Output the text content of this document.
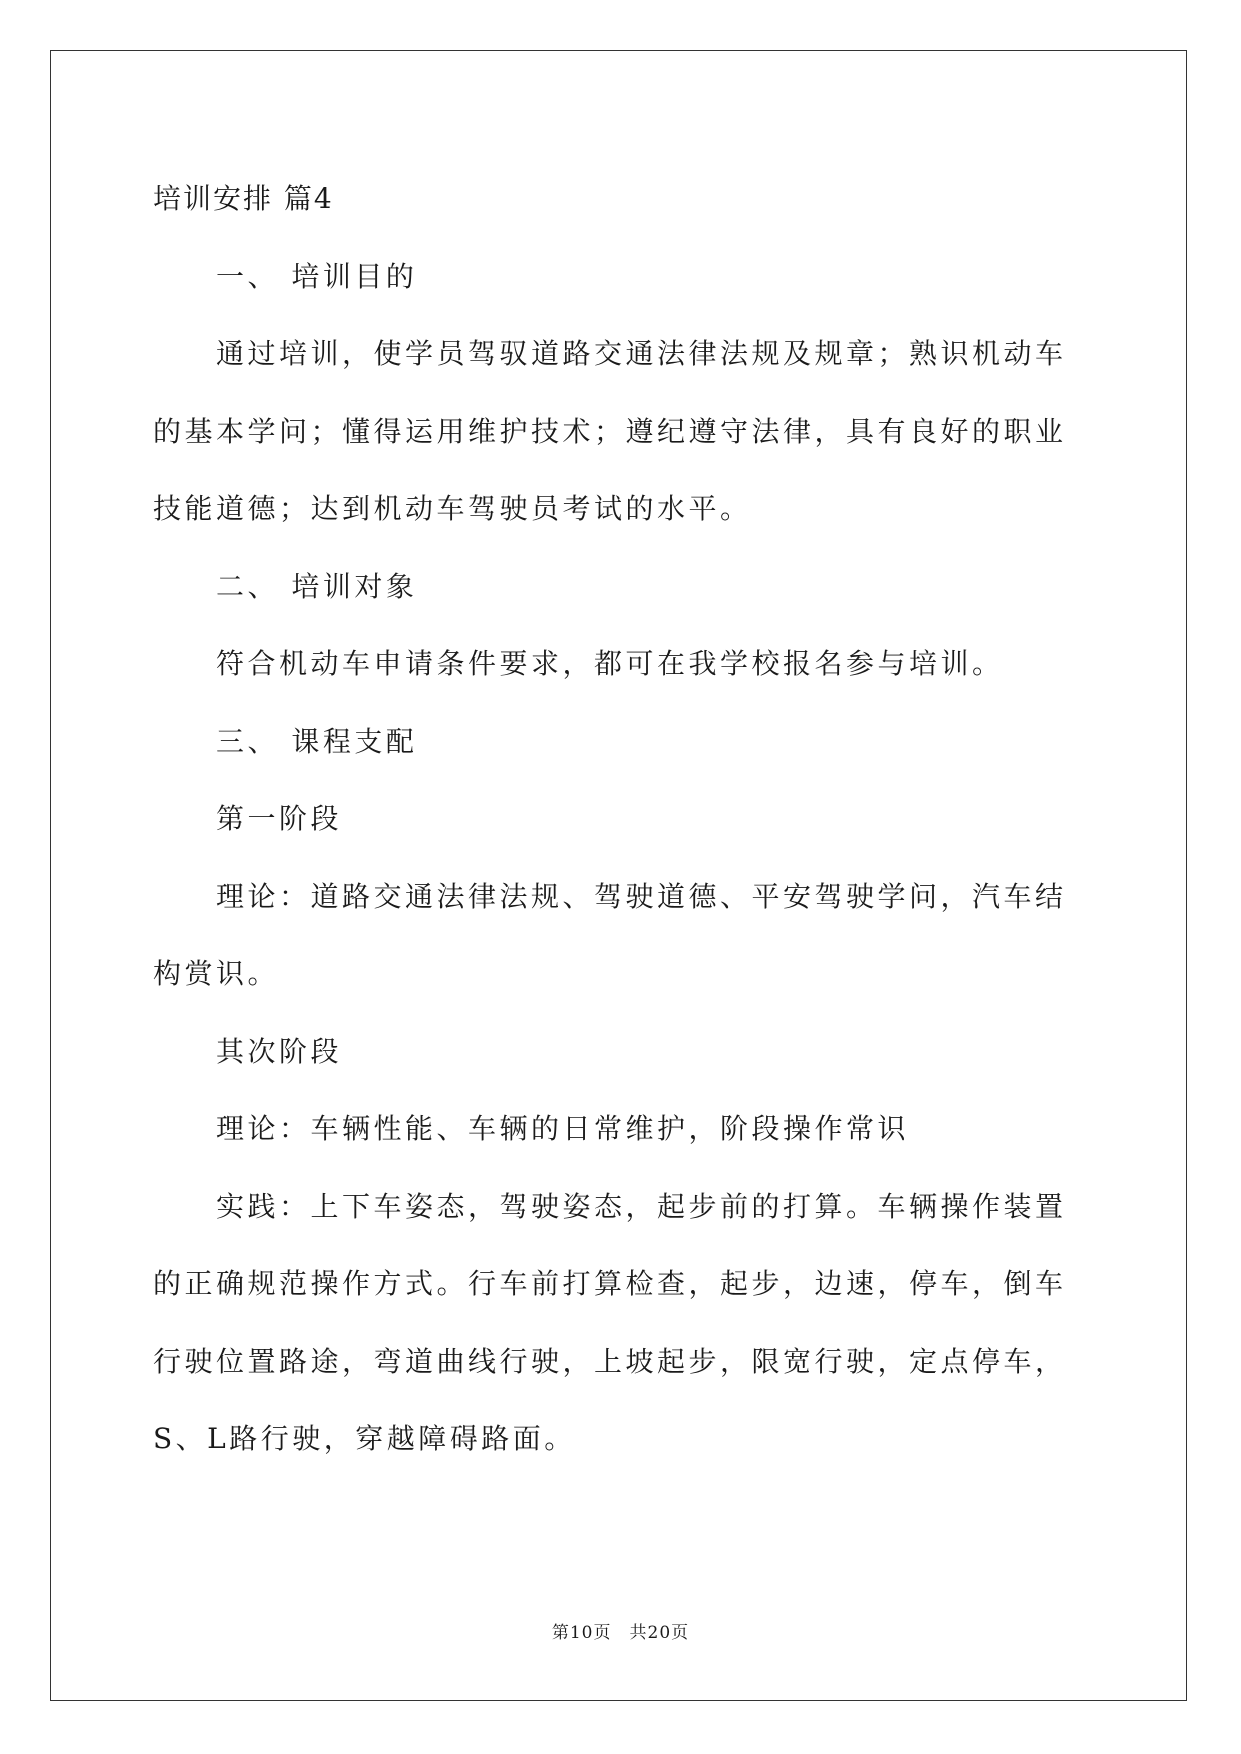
培训安排 篇4

一、 培训目的

通过培训，使学员驾驭道路交通法律法规及规章；熟识机动车的基本学问；懂得运用维护技术；遵纪遵守法律，具有良好的职业技能道德；达到机动车驾驶员考试的水平。

二、 培训对象

符合机动车申请条件要求，都可在我学校报名参与培训。

三、 课程支配

第一阶段

理论：道路交通法律法规、驾驶道德、平安驾驶学问，汽车结构赏识。

其次阶段

理论：车辆性能、车辆的日常维护，阶段操作常识

实践：上下车姿态，驾驶姿态，起步前的打算。车辆操作装置的正确规范操作方式。行车前打算检查，起步，边速，停车，倒车行驶位置路途，弯道曲线行驶，上坡起步，限宽行驶，定点停车，S、L路行驶，穿越障碍路面。

第10页 共20页
